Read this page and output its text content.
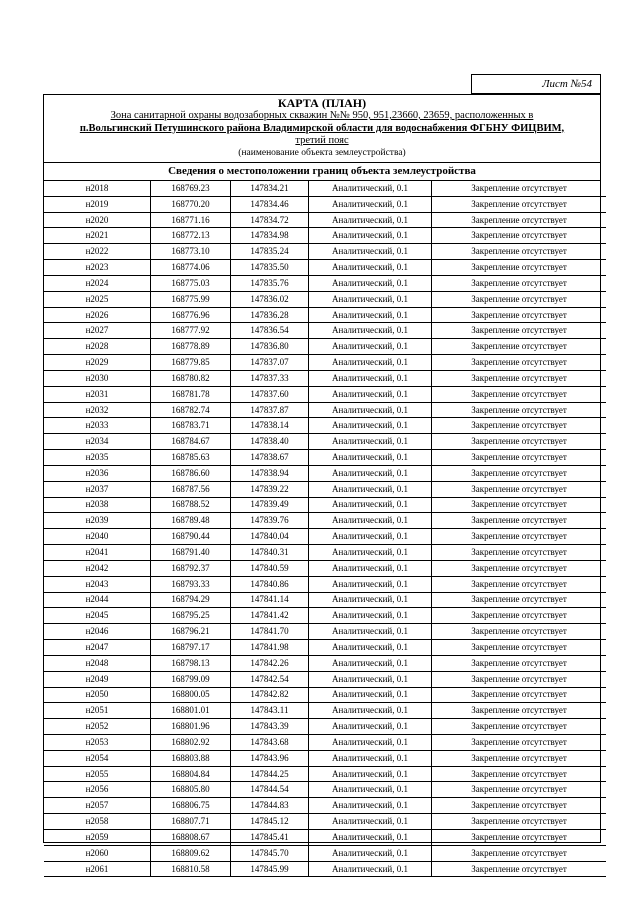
Лист №54
КАРТА (ПЛАН)
Зона санитарной охраны водозаборных скважин №№ 950, 951,23660, 23659, расположенных в
п.Вольгинский Петушинского района Владимирской области для водоснабжения ФГБНУ ФИЦВИМ,
третий пояс
(наименование объекта землеустройства)
Сведения о местоположении границ объекта землеустройства
н2018	168769.23	147834.21	Аналитический, 0.1	Закрепление отсутствует
н2019	168770.20	147834.46	Аналитический, 0.1	Закрепление отсутствует
н2020	168771.16	147834.72	Аналитический, 0.1	Закрепление отсутствует
н2021	168772.13	147834.98	Аналитический, 0.1	Закрепление отсутствует
н2022	168773.10	147835.24	Аналитический, 0.1	Закрепление отсутствует
н2023	168774.06	147835.50	Аналитический, 0.1	Закрепление отсутствует
н2024	168775.03	147835.76	Аналитический, 0.1	Закрепление отсутствует
н2025	168775.99	147836.02	Аналитический, 0.1	Закрепление отсутствует
н2026	168776.96	147836.28	Аналитический, 0.1	Закрепление отсутствует
н2027	168777.92	147836.54	Аналитический, 0.1	Закрепление отсутствует
н2028	168778.89	147836.80	Аналитический, 0.1	Закрепление отсутствует
н2029	168779.85	147837.07	Аналитический, 0.1	Закрепление отсутствует
н2030	168780.82	147837.33	Аналитический, 0.1	Закрепление отсутствует
н2031	168781.78	147837.60	Аналитический, 0.1	Закрепление отсутствует
н2032	168782.74	147837.87	Аналитический, 0.1	Закрепление отсутствует
н2033	168783.71	147838.14	Аналитический, 0.1	Закрепление отсутствует
н2034	168784.67	147838.40	Аналитический, 0.1	Закрепление отсутствует
н2035	168785.63	147838.67	Аналитический, 0.1	Закрепление отсутствует
н2036	168786.60	147838.94	Аналитический, 0.1	Закрепление отсутствует
н2037	168787.56	147839.22	Аналитический, 0.1	Закрепление отсутствует
н2038	168788.52	147839.49	Аналитический, 0.1	Закрепление отсутствует
н2039	168789.48	147839.76	Аналитический, 0.1	Закрепление отсутствует
н2040	168790.44	147840.04	Аналитический, 0.1	Закрепление отсутствует
н2041	168791.40	147840.31	Аналитический, 0.1	Закрепление отсутствует
н2042	168792.37	147840.59	Аналитический, 0.1	Закрепление отсутствует
н2043	168793.33	147840.86	Аналитический, 0.1	Закрепление отсутствует
н2044	168794.29	147841.14	Аналитический, 0.1	Закрепление отсутствует
н2045	168795.25	147841.42	Аналитический, 0.1	Закрепление отсутствует
н2046	168796.21	147841.70	Аналитический, 0.1	Закрепление отсутствует
н2047	168797.17	147841.98	Аналитический, 0.1	Закрепление отсутствует
н2048	168798.13	147842.26	Аналитический, 0.1	Закрепление отсутствует
н2049	168799.09	147842.54	Аналитический, 0.1	Закрепление отсутствует
н2050	168800.05	147842.82	Аналитический, 0.1	Закрепление отсутствует
н2051	168801.01	147843.11	Аналитический, 0.1	Закрепление отсутствует
н2052	168801.96	147843.39	Аналитический, 0.1	Закрепление отсутствует
н2053	168802.92	147843.68	Аналитический, 0.1	Закрепление отсутствует
н2054	168803.88	147843.96	Аналитический, 0.1	Закрепление отсутствует
н2055	168804.84	147844.25	Аналитический, 0.1	Закрепление отсутствует
н2056	168805.80	147844.54	Аналитический, 0.1	Закрепление отсутствует
н2057	168806.75	147844.83	Аналитический, 0.1	Закрепление отсутствует
н2058	168807.71	147845.12	Аналитический, 0.1	Закрепление отсутствует
н2059	168808.67	147845.41	Аналитический, 0.1	Закрепление отсутствует
н2060	168809.62	147845.70	Аналитический, 0.1	Закрепление отсутствует
н2061	168810.58	147845.99	Аналитический, 0.1	Закрепление отсутствует
